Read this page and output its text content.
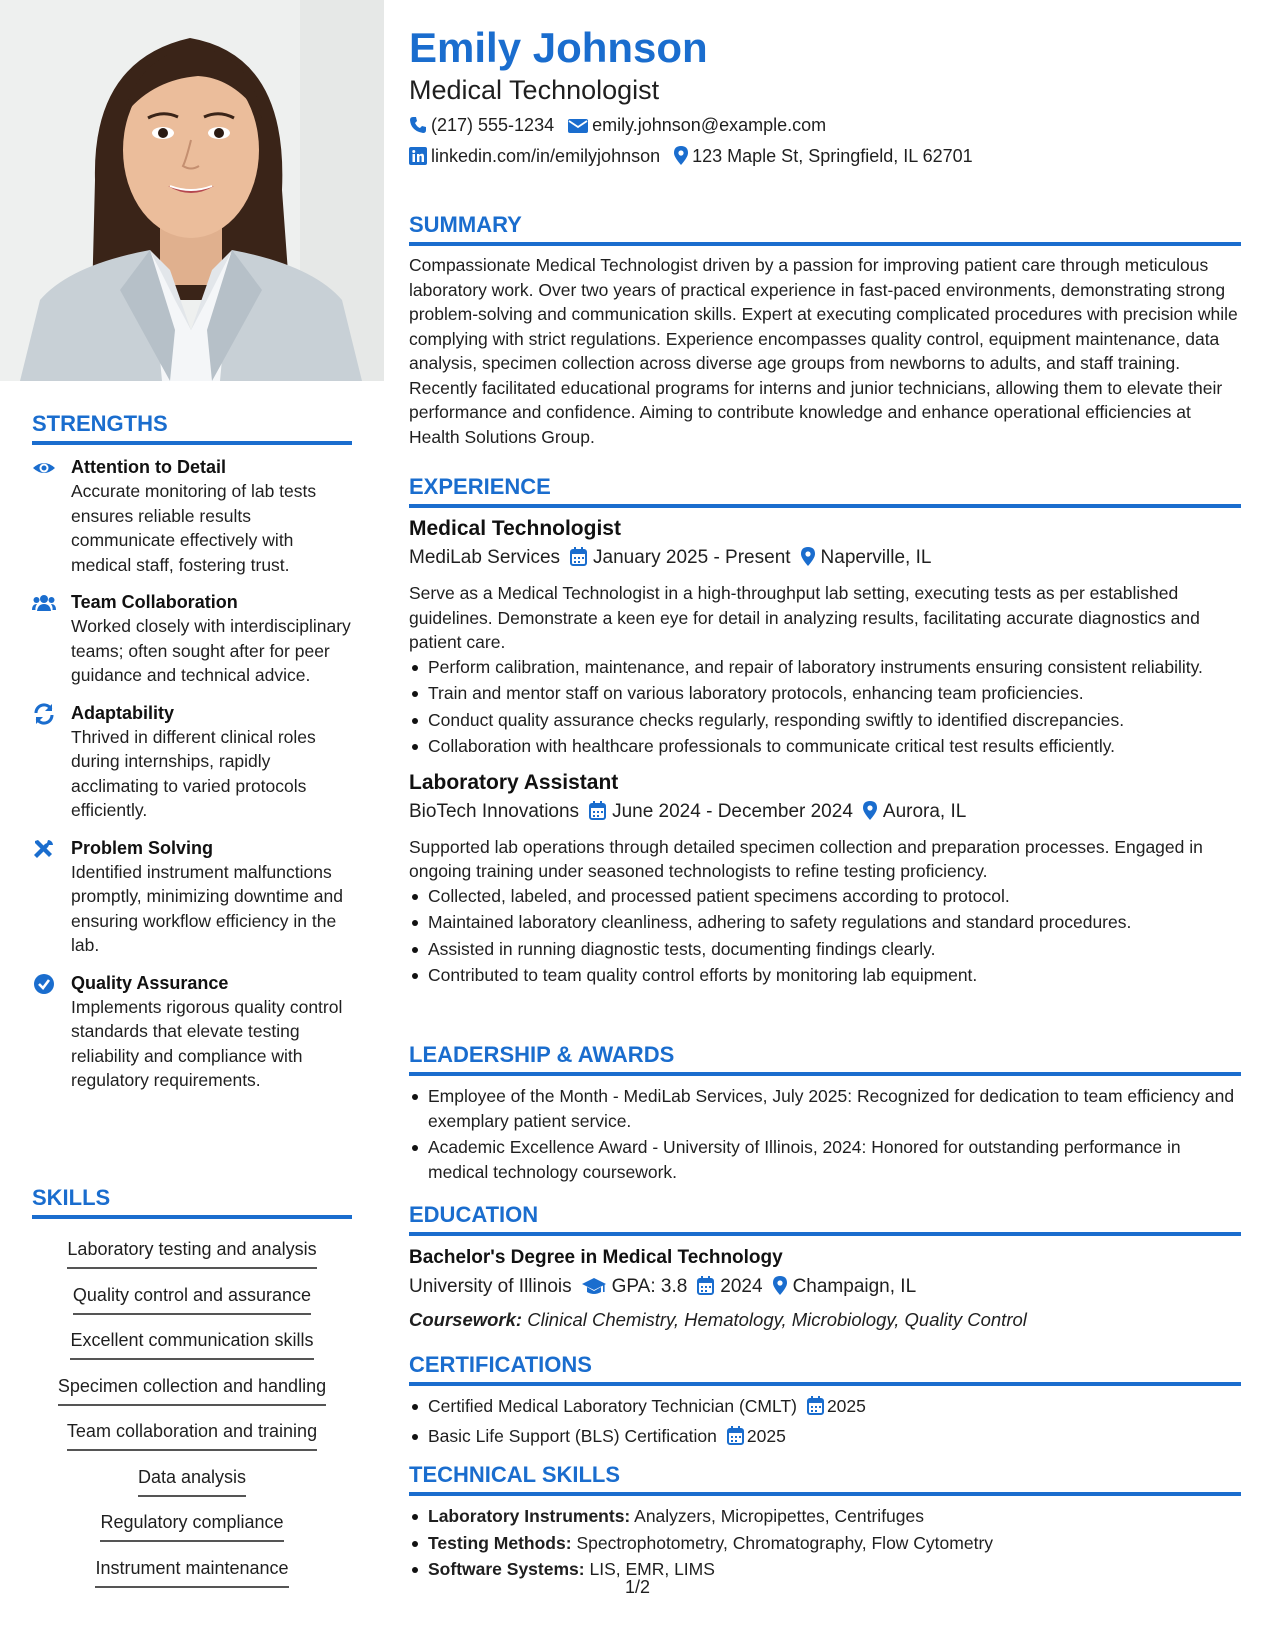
STRENGTHS
Attention to Detail
Accurate monitoring of lab tests ensures reliable results communicate effectively with medical staff, fostering trust.
Team Collaboration
Worked closely with interdisciplinary teams; often sought after for peer guidance and technical advice.
Adaptability
Thrived in different clinical roles during internships, rapidly acclimating to varied protocols efficiently.
Problem Solving
Identified instrument malfunctions promptly, minimizing downtime and ensuring workflow efficiency in the lab.
Quality Assurance
Implements rigorous quality control standards that elevate testing reliability and compliance with regulatory requirements.
SKILLS
Laboratory testing and analysis
Quality control and assurance
Excellent communication skills
Specimen collection and handling
Team collaboration and training
Data analysis
Regulatory compliance
Instrument maintenance
Emily Johnson
Medical Technologist
(217) 555-1234 emily.johnson@example.com
linkedin.com/in/emilyjohnson 123 Maple St, Springfield, IL 62701
SUMMARY
Compassionate Medical Technologist driven by a passion for improving patient care through meticulous laboratory work. Over two years of practical experience in fast-paced environments, demonstrating strong problem-solving and communication skills. Expert at executing complicated procedures with precision while complying with strict regulations. Experience encompasses quality control, equipment maintenance, data analysis, specimen collection across diverse age groups from newborns to adults, and staff training. Recently facilitated educational programs for interns and junior technicians, allowing them to elevate their performance and confidence. Aiming to contribute knowledge and enhance operational efficiencies at Health Solutions Group.
EXPERIENCE
Medical Technologist
MediLab Services January 2025 - Present Naperville, IL
Serve as a Medical Technologist in a high-throughput lab setting, executing tests as per established guidelines. Demonstrate a keen eye for detail in analyzing results, facilitating accurate diagnostics and patient care.
Perform calibration, maintenance, and repair of laboratory instruments ensuring consistent reliability.
Train and mentor staff on various laboratory protocols, enhancing team proficiencies.
Conduct quality assurance checks regularly, responding swiftly to identified discrepancies.
Collaboration with healthcare professionals to communicate critical test results efficiently.
Laboratory Assistant
BioTech Innovations June 2024 - December 2024 Aurora, IL
Supported lab operations through detailed specimen collection and preparation processes. Engaged in ongoing training under seasoned technologists to refine testing proficiency.
Collected, labeled, and processed patient specimens according to protocol.
Maintained laboratory cleanliness, adhering to safety regulations and standard procedures.
Assisted in running diagnostic tests, documenting findings clearly.
Contributed to team quality control efforts by monitoring lab equipment.
LEADERSHIP & AWARDS
Employee of the Month - MediLab Services, July 2025: Recognized for dedication to team efficiency and exemplary patient service.
Academic Excellence Award - University of Illinois, 2024: Honored for outstanding performance in medical technology coursework.
EDUCATION
Bachelor's Degree in Medical Technology
University of Illinois GPA: 3.8 2024 Champaign, IL
Coursework: Clinical Chemistry, Hematology, Microbiology, Quality Control
CERTIFICATIONS
Certified Medical Laboratory Technician (CMLT) 2025
Basic Life Support (BLS) Certification 2025
TECHNICAL SKILLS
Laboratory Instruments: Analyzers, Micropipettes, Centrifuges
Testing Methods: Spectrophotometry, Chromatography, Flow Cytometry
Software Systems: LIS, EMR, LIMS
1/2
